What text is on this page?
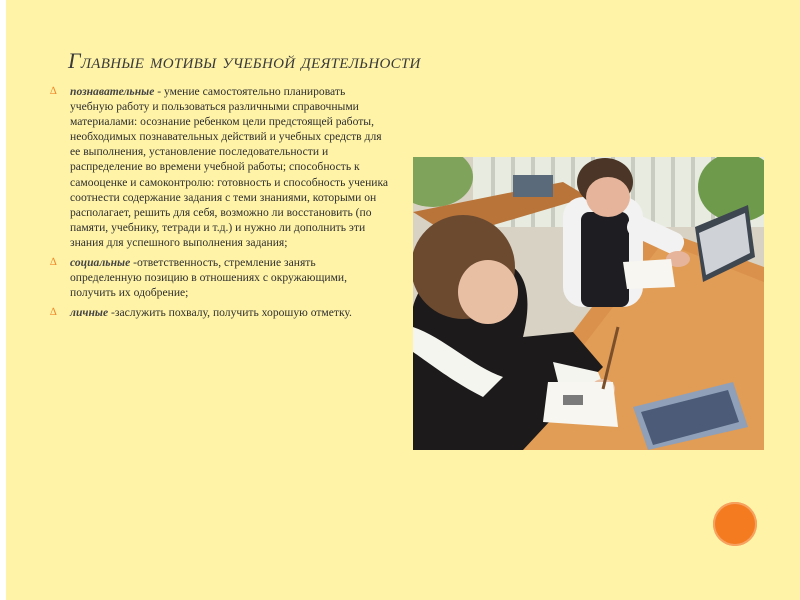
Главные мотивы учебной деятельности

∆ познавательные - умение самостоятельно планировать учебную работу и пользоваться различными справочными материалами: осознание ребенком цели предстоящей работы, необходимых познавательных действий и учебных средств для ее выполнения, установление последовательности и распределение во времени учебной работы; способность к самооценке и самоконтролю: готовность и способность ученика соотнести содержание задания с теми знаниями, которыми он располагает, решить для себя, возможно ли восстановить (по памяти, учебнику, тетради и т.д.) и нужно ли дополнить эти знания для успешного выполнения задания;

∆ социальные -ответственность, стремление занять определенную позицию в отношениях с окружающими, получить их одобрение;

∆ личные -заслужить похвалу, получить хорошую отметку.
